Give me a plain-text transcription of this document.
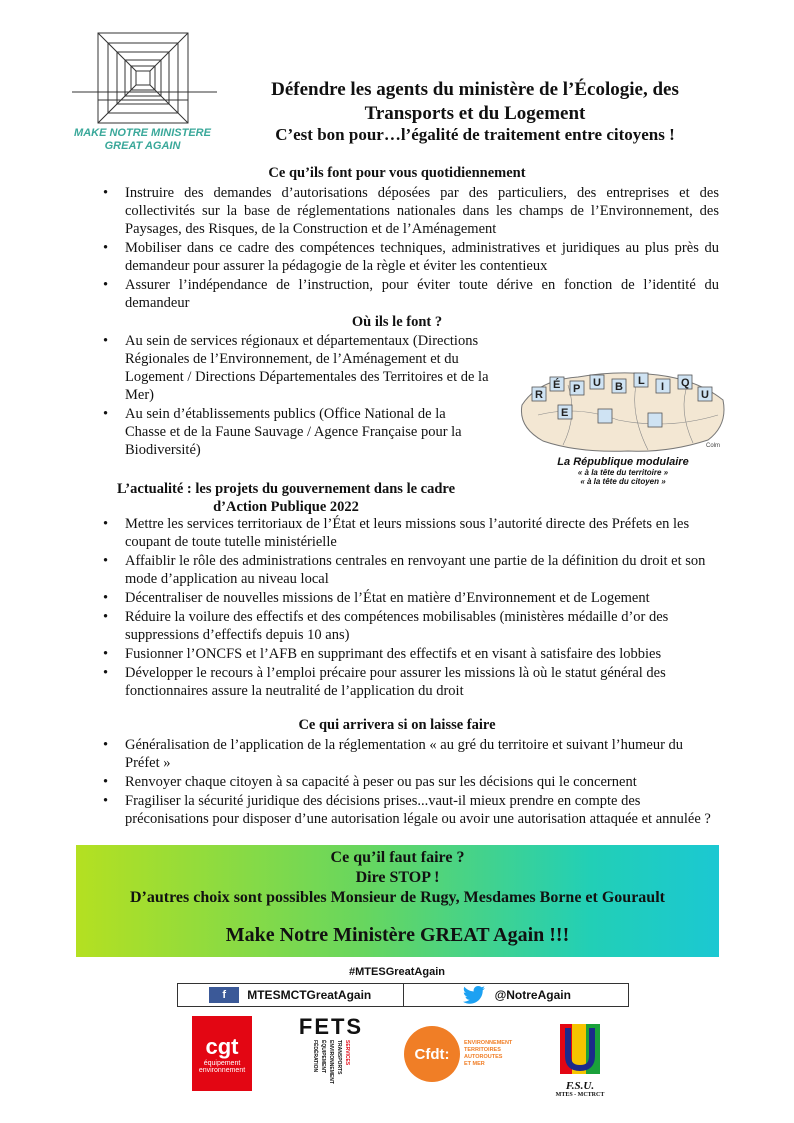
MAKE NOTRE MINISTERE
GREAT AGAIN
Défendre les agents du ministère de l’Écologie, des
Transports et du Logement
C’est bon pour…l’égalité de traitement entre citoyens !
Ce qu’ils font pour vous quotidiennement
• Instruire des demandes d’autorisations déposées par des particuliers, des entreprises et des collectivités sur la base de réglementations nationales dans les champs de l’Environnement, des Paysages, des Risques, de la Construction et de l’Aménagement
• Mobiliser dans ce cadre des compétences techniques, administratives et juridiques au plus près du demandeur pour assurer la pédagogie de la règle et éviter les contentieux
• Assurer l’indépendance de l’instruction, pour éviter toute dérive en fonction de l’identité du demandeur
Où ils le font ?
• Au sein de services régionaux et départementaux (Directions Régionales de l’Environnement, de l’Aménagement et du Logement / Directions Départementales des Territoires et de la Mer)
• Au sein d’établissements publics (Office National de la Chasse et de la Faune Sauvage / Agence Française pour la Biodiversité)
R
É P U B L I Q
U
E
Colm
La République modulaire
« à la tête du territoire »
« à la tête du citoyen »
L’actualité : les projets du gouvernement dans le cadre
d’Action Publique 2022
• Mettre les services territoriaux de l’État et leurs missions sous l’autorité directe des Préfets en les coupant de toute tutelle ministérielle
• Affaiblir le rôle des administrations centrales en renvoyant une partie de la définition du droit et son mode d’application au niveau local
• Décentraliser de nouvelles missions de l’État en matière d’Environnement et de Logement
• Réduire la voilure des effectifs et des compétences mobilisables (ministères médaille d’or des suppressions d’effectifs depuis 10 ans)
• Fusionner l’ONCFS et l’AFB en supprimant des effectifs et en visant à satisfaire des lobbies
• Développer le recours à l’emploi précaire pour assurer les missions là où le statut général des fonctionnaires assure la neutralité de l’application du droit
Ce qui arrivera si on laisse faire
• Généralisation de l’application de la réglementation « au gré du territoire et suivant l’humeur du Préfet »
• Renvoyer chaque citoyen à sa capacité à peser ou pas sur les décisions qui le concernent
• Fragiliser la sécurité juridique des décisions prises...vaut-il mieux prendre en compte des préconisations pour disposer d’une autorisation légale ou avoir une autorisation attaquée et annulée ?
Ce qu’il faut faire ?
Dire STOP !
D’autres choix sont possibles Monsieur de Rugy, Mesdames Borne et Gourault
Make Notre Ministère GREAT Again !!!
#MTESGreatAgain
f	MTESMCTGreatAgain	@NotreAgain
cgt
équipement
environnement
FETS
FÉDÉRATION ÉQUIPEMENT ENVIRONNEMENT TRANSPORTS SERVICES	Cfdt:
ENVIRONNEMENT
TERRITOIRES
AUTOROUTES
ET MER
F.S.U.
MTES - MCTRCT
